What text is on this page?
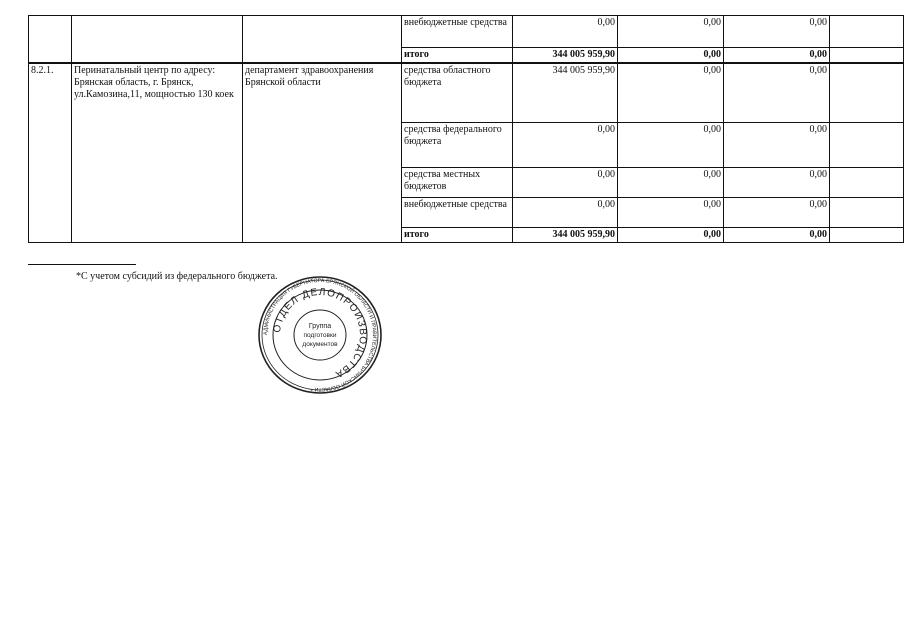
			внебюджетные средства	0,00	0,00	0,00	
			итого	344 005 959,90	0,00	0,00	
8.2.1.	Перинатальный центр по адресу: Брянская область, г. Брянск, ул.Камозина,11, мощностью 130 коек	департамент здравоохранения Брянской области	средства областного бюджета	344 005 959,90	0,00	0,00	
			средства федерального бюджета	0,00	0,00	0,00	
			средства местных бюджетов	0,00	0,00	0,00	
			внебюджетные средства	0,00	0,00	0,00	
			итого	344 005 959,90	0,00	0,00	
*С учетом субсидий из федерального бюджета.
АДМИНИСТРАЦИЯ ГУБЕРНАТОРА БРЯНСКОЙ ОБЛАСТИ И ПРАВИТЕЛЬСТВА БРЯНСКОЙ ОБЛАСТИ *
ОТДЕЛ ДЕЛОПРОИЗВОДСТВА
Группа
подготовки
документов
